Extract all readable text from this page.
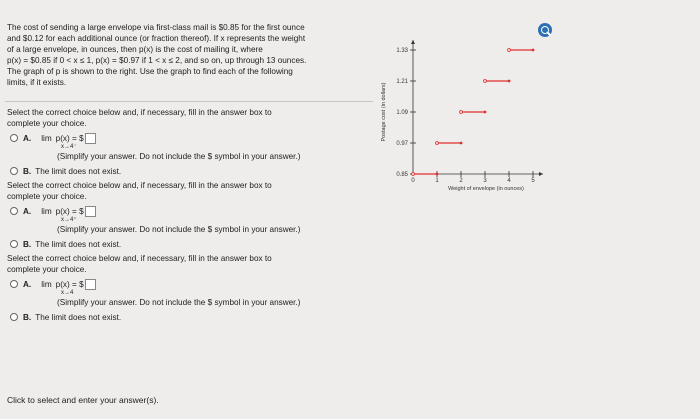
The cost of sending a large envelope via first-class mail is $0.85 for the first ounce

and $0.12 for each additional ounce (or fraction thereof). If x represents the weight

of a large envelope, in ounces, then p(x) is the cost of mailing it, where

p(x) = $0.85 if 0 < x ≤ 1, p(x) = $0.97 if 1 < x ≤ 2, and so on, up through 13 ounces.

The graph of p is shown to the right. Use the graph to find each of the following

limits, if it exists.

Select the correct choice below and, if necessary, fill in the answer box to

complete your choice.

A. lim p(x) = $
x→4⁻
(Simplify your answer. Do not include the $ symbol in your answer.)
B. The limit does not exist.

Select the correct choice below and, if necessary, fill in the answer box to

complete your choice.

A. lim p(x) = $
x→4⁺
(Simplify your answer. Do not include the $ symbol in your answer.)
B. The limit does not exist.

Select the correct choice below and, if necessary, fill in the answer box to

complete your choice.

A. lim p(x) = $
x→4
(Simplify your answer. Do not include the $ symbol in your answer.)
B. The limit does not exist.
Click to select and enter your answer(s).
0.85
0.97
1.09
1.21
1.33
0	1	2	3	4	5
Weight of envelope (in ounces)
Postage cost (in dollars)
